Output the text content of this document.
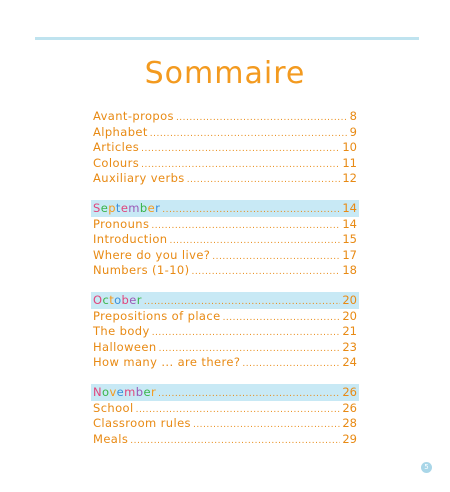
Sommaire
Avant-propos .....	8
Alphabet .....	9
Articles .....	10
Colours .....	11
Auxiliary verbs .....	12
September .....	14
Pronouns .....	14
Introduction .....	15
Where do you live? .....	17
Numbers (1-10) .....	18
October .....	20
Prepositions of place .....	20
The body .....	21
Halloween .....	23
How many ... are there? .....	24
November .....	26
School .....	26
Classroom rules .....	28
Meals .....	29
5
